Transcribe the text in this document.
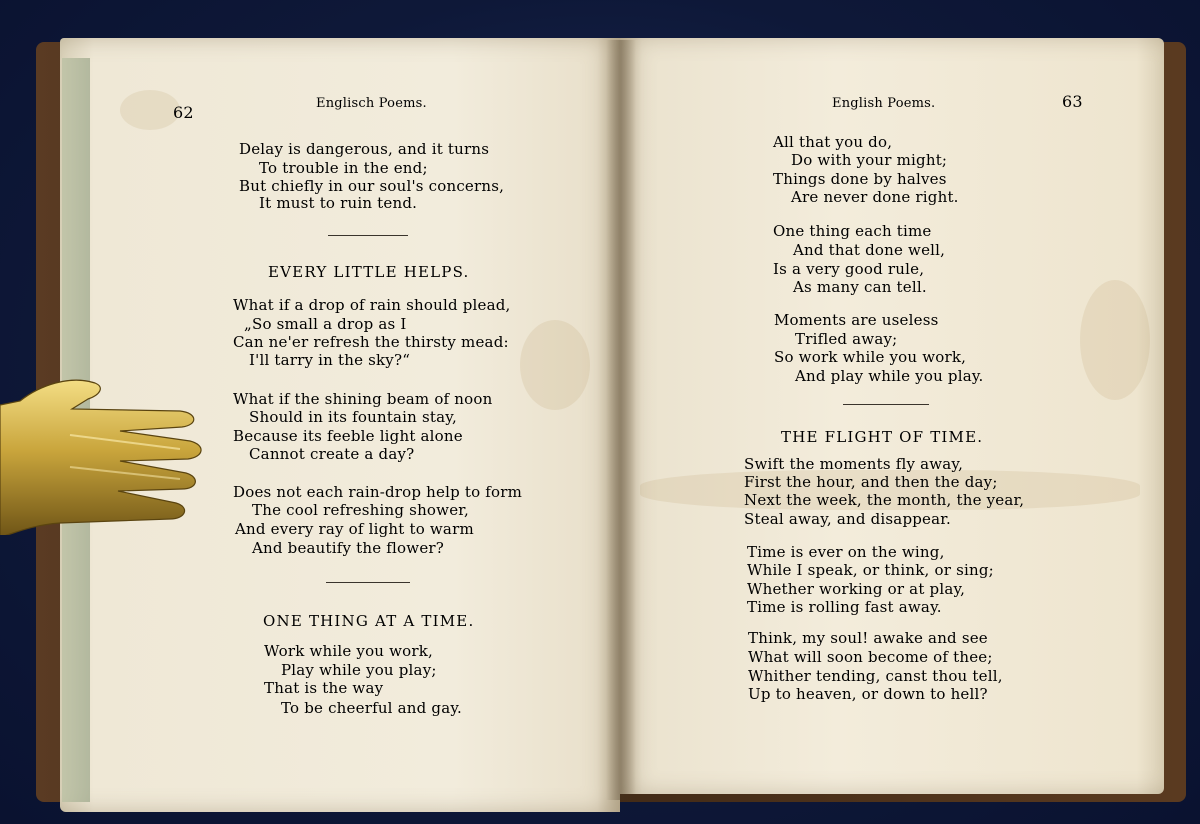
62	Englisch Poems.
Delay is dangerous, and it turns
To trouble in the end;
But chiefly in our soul's concerns,
It must to ruin tend.
EVERY LITTLE HELPS.
What if a drop of rain should plead,
„So small a drop as I
Can ne'er refresh the thirsty mead:
I'll tarry in the sky?“
What if the shining beam of noon
Should in its fountain stay,
Because its feeble light alone
Cannot create a day?
Does not each rain-drop help to form
The cool refreshing shower,
And every ray of light to warm
And beautify the flower?
ONE THING AT A TIME.
Work while you work,
Play while you play;
That is the way
To be cheerful and gay.
English Poems.	63
All that you do,
Do with your might;
Things done by halves
Are never done right.
One thing each time
And that done well,
Is a very good rule,
As many can tell.
Moments are useless
Trifled away;
So work while you work,
And play while you play.
THE FLIGHT OF TIME.
Swift the moments fly away,
First the hour, and then the day;
Next the week, the month, the year,
Steal away, and disappear.
Time is ever on the wing,
While I speak, or think, or sing;
Whether working or at play,
Time is rolling fast away.
Think, my soul! awake and see
What will soon become of thee;
Whither tending, canst thou tell,
Up to heaven, or down to hell?
